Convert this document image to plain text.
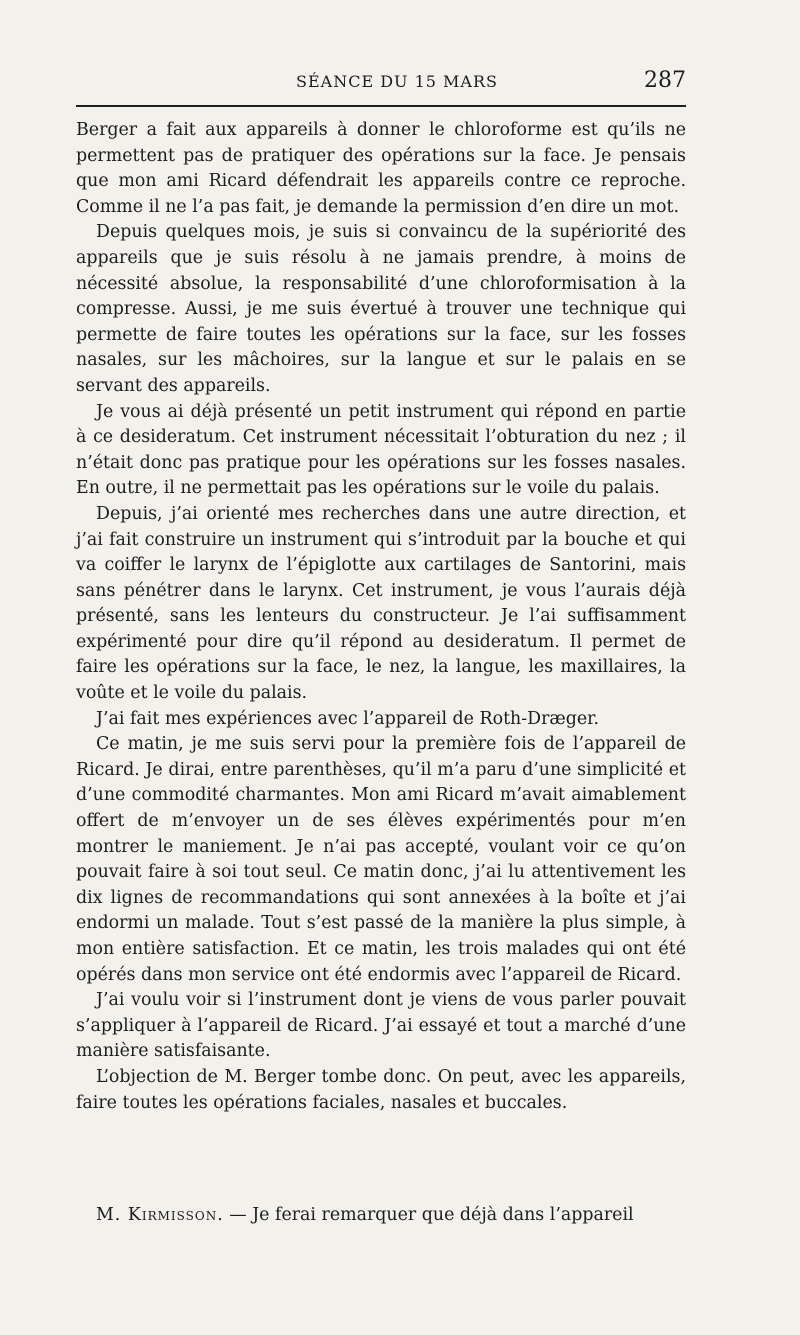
SÉANCE DU 15 MARS	287

Berger a fait aux appareils à donner le chloroforme est qu’ils ne permettent pas de pratiquer des opérations sur la face. Je pensais que mon ami Ricard défendrait les appareils contre ce reproche. Comme il ne l’a pas fait, je demande la permission d’en dire un mot.

Depuis quelques mois, je suis si convaincu de la supériorité des appareils que je suis résolu à ne jamais prendre, à moins de nécessité absolue, la responsabilité d’une chloroformisation à la compresse. Aussi, je me suis évertué à trouver une technique qui permette de faire toutes les opérations sur la face, sur les fosses nasales, sur les mâchoires, sur la langue et sur le palais en se servant des appareils.

Je vous ai déjà présenté un petit instrument qui répond en partie à ce desideratum. Cet instrument nécessitait l’obturation du nez ; il n’était donc pas pratique pour les opérations sur les fosses nasales. En outre, il ne permettait pas les opérations sur le voile du palais.

Depuis, j’ai orienté mes recherches dans une autre direction, et j’ai fait construire un instrument qui s’introduit par la bouche et qui va coiffer le larynx de l’épiglotte aux cartilages de Santorini, mais sans pénétrer dans le larynx. Cet instrument, je vous l’aurais déjà présenté, sans les lenteurs du constructeur. Je l’ai suffisamment expérimenté pour dire qu’il répond au desideratum. Il permet de faire les opérations sur la face, le nez, la langue, les maxillaires, la voûte et le voile du palais.

J’ai fait mes expériences avec l’appareil de Roth-Dræger.

Ce matin, je me suis servi pour la première fois de l’appareil de Ricard. Je dirai, entre parenthèses, qu’il m’a paru d’une simplicité et d’une commodité charmantes. Mon ami Ricard m’avait aimablement offert de m’envoyer un de ses élèves expérimentés pour m’en montrer le maniement. Je n’ai pas accepté, voulant voir ce qu’on pouvait faire à soi tout seul. Ce matin donc, j’ai lu attentivement les dix lignes de recommandations qui sont annexées à la boîte et j’ai endormi un malade. Tout s’est passé de la manière la plus simple, à mon entière satisfaction. Et ce matin, les trois malades qui ont été opérés dans mon service ont été endormis avec l’appareil de Ricard.

J’ai voulu voir si l’instrument dont je viens de vous parler pouvait s’appliquer à l’appareil de Ricard. J’ai essayé et tout a marché d’une manière satisfaisante.

L’objection de M. Berger tombe donc. On peut, avec les appareils, faire toutes les opérations faciales, nasales et buccales.

M. Kirmisson. — Je ferai remarquer que déjà dans l’appareil
